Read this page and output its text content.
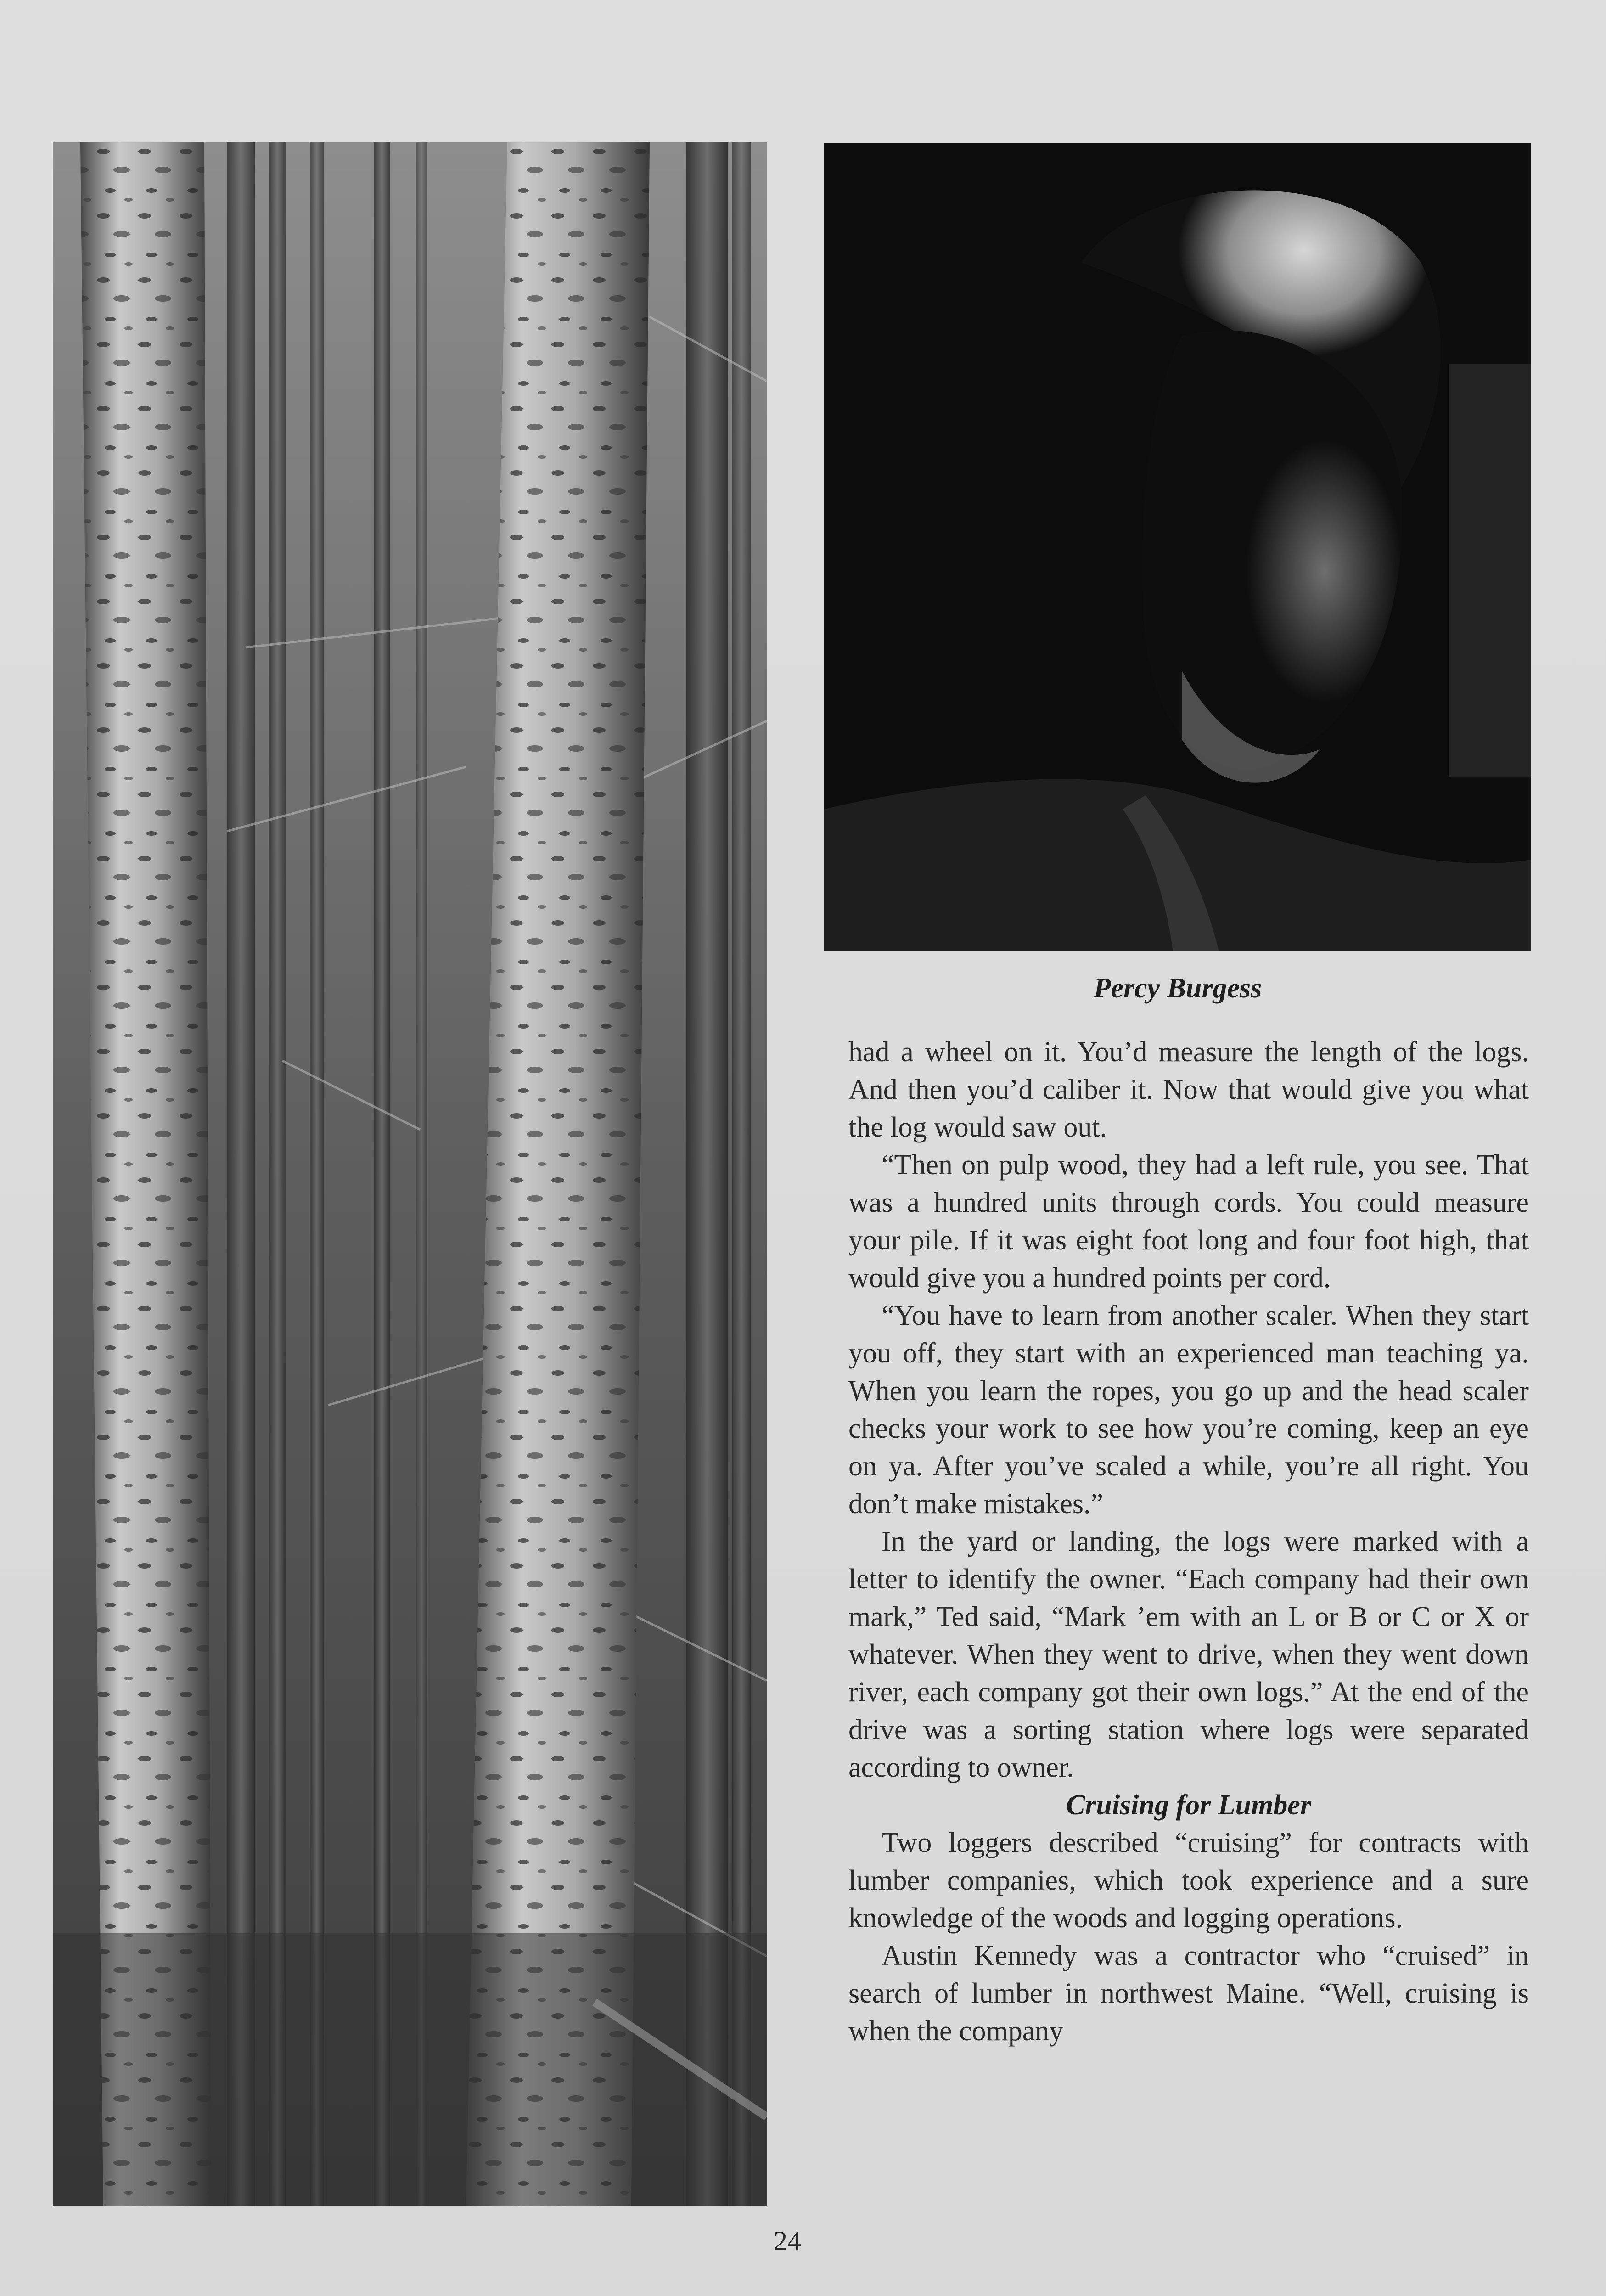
Percy Burgess

had a wheel on it. You’d measure the length of the logs. And then you’d caliber it. Now that would give you what the log would saw out.

“Then on pulp wood, they had a left rule, you see. That was a hundred units through cords. You could measure your pile. If it was eight foot long and four foot high, that would give you a hundred points per cord.

“You have to learn from another scaler. When they start you off, they start with an experienced man teaching ya. When you learn the ropes, you go up and the head scaler checks your work to see how you’re coming, keep an eye on ya. After you’ve scaled a while, you’re all right. You don’t make mistakes.”

In the yard or landing, the logs were marked with a letter to identify the owner. “Each company had their own mark,” Ted said, “Mark ’em with an L or B or C or X or whatever. When they went to drive, when they went down river, each company got their own logs.” At the end of the drive was a sorting station where logs were separated according to owner.

Cruising for Lumber

Two loggers described “cruising” for contracts with lumber companies, which took experience and a sure knowledge of the woods and logging operations.

Austin Kennedy was a contractor who “cruised” in search of lumber in northwest Maine. “Well, cruising is when the company

24
